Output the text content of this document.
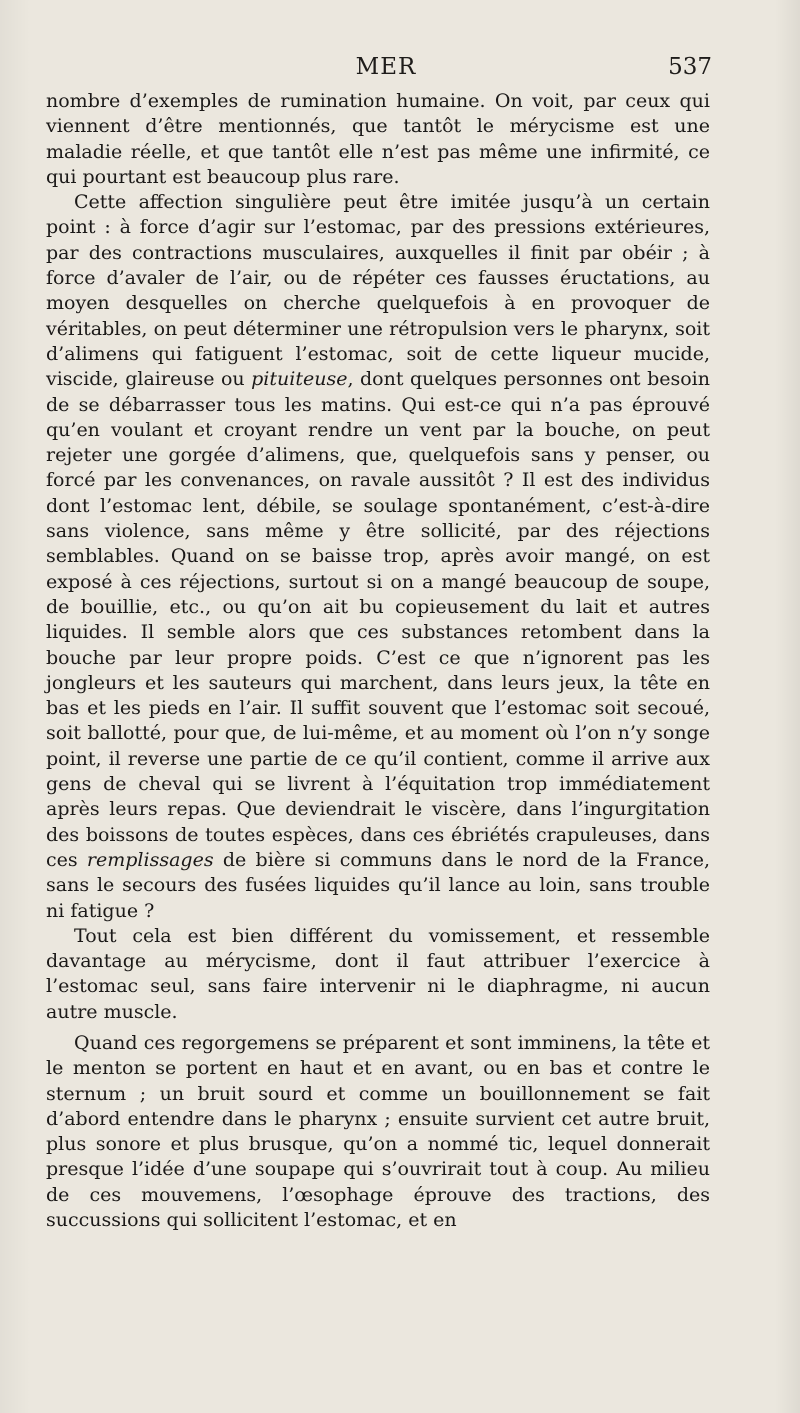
MER	537

nombre d’exemples de rumination humaine. On voit, par ceux qui viennent d’être mentionnés, que tantôt le mérycisme est une maladie réelle, et que tantôt elle n’est pas même une infirmité, ce qui pourtant est beaucoup plus rare.

Cette affection singulière peut être imitée jusqu’à un certain point : à force d’agir sur l’estomac, par des pressions extérieures, par des contractions musculaires, auxquelles il finit par obéir ; à force d’avaler de l’air, ou de répéter ces fausses éructations, au moyen desquelles on cherche quelquefois à en provoquer de véritables, on peut déterminer une rétropulsion vers le pharynx, soit d’alimens qui fatiguent l’estomac, soit de cette liqueur mucide, viscide, glaireuse ou pituiteuse, dont quelques personnes ont besoin de se débarrasser tous les matins. Qui est-ce qui n’a pas éprouvé qu’en voulant et croyant rendre un vent par la bouche, on peut rejeter une gorgée d’alimens, que, quelquefois sans y penser, ou forcé par les convenances, on ravale aussitôt ? Il est des individus dont l’estomac lent, débile, se soulage spontanément, c’est-à-dire sans violence, sans même y être sollicité, par des réjections semblables. Quand on se baisse trop, après avoir mangé, on est exposé à ces réjections, surtout si on a mangé beaucoup de soupe, de bouillie, etc., ou qu’on ait bu copieusement du lait et autres liquides. Il semble alors que ces substances retombent dans la bouche par leur propre poids. C’est ce que n’ignorent pas les jongleurs et les sauteurs qui marchent, dans leurs jeux, la tête en bas et les pieds en l’air. Il suffit souvent que l’estomac soit secoué, soit ballotté, pour que, de lui-même, et au moment où l’on n’y songe point, il reverse une partie de ce qu’il contient, comme il arrive aux gens de cheval qui se livrent à l’équitation trop immédiatement après leurs repas. Que deviendrait le viscère, dans l’ingurgitation des boissons de toutes espèces, dans ces ébriétés crapuleuses, dans ces remplissages de bière si communs dans le nord de la France, sans le secours des fusées liquides qu’il lance au loin, sans trouble ni fatigue ?

Tout cela est bien différent du vomissement, et ressemble davantage au mérycisme, dont il faut attribuer l’exercice à l’estomac seul, sans faire intervenir ni le diaphragme, ni aucun autre muscle.

Quand ces regorgemens se préparent et sont imminens, la tête et le menton se portent en haut et en avant, ou en bas et contre le sternum ; un bruit sourd et comme un bouillonnement se fait d’abord entendre dans le pharynx ; ensuite survient cet autre bruit, plus sonore et plus brusque, qu’on a nommé tic, lequel donnerait presque l’idée d’une soupape qui s’ouvrirait tout à coup. Au milieu de ces mouvemens, l’œsophage éprouve des tractions, des succussions qui sollicitent l’estomac, et en
